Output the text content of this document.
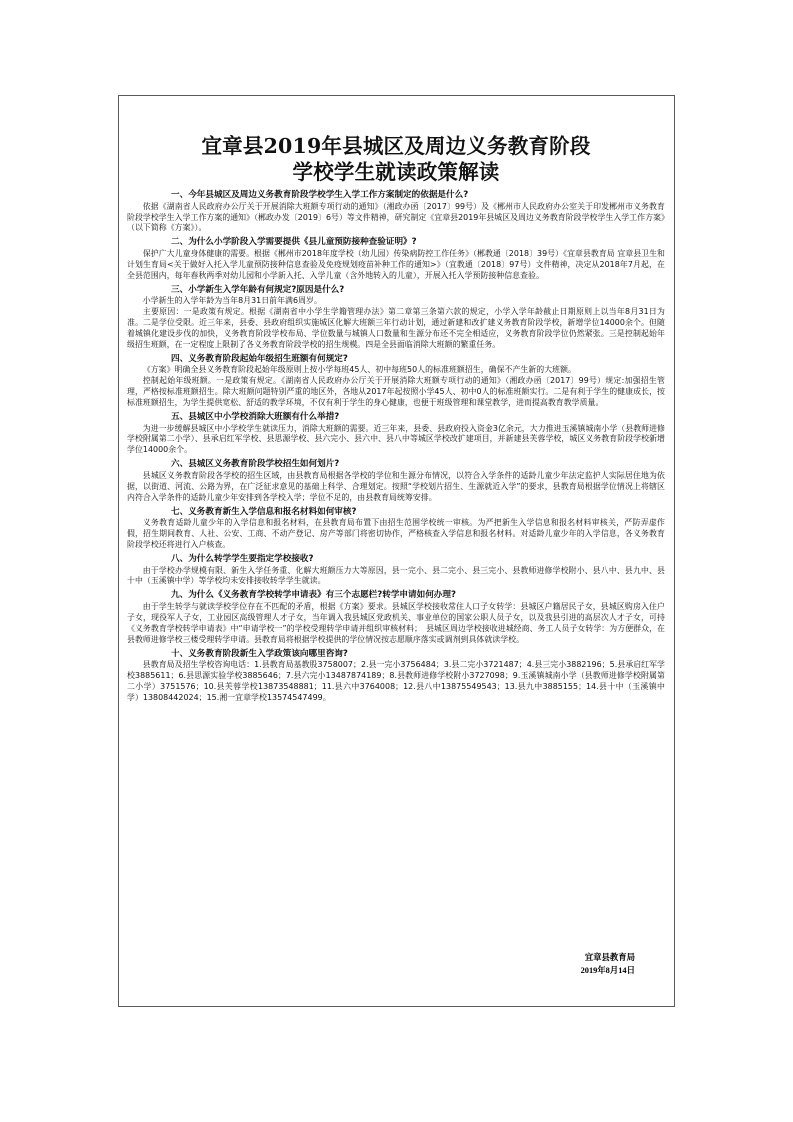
宜章县2019年县城区及周边义务教育阶段
学校学生就读政策解读
一、今年县城区及周边义务教育阶段学校学生入学工作方案制定的依据是什么?

依据《湖南省人民政府办公厅关于开展消除大班额专项行动的通知》（湘政办函〔2017〕99号）及《郴州市人民政府办公室关于印发郴州市义务教育阶段学校学生入学工作方案的通知》（郴政办发〔2019〕6号）等文件精神，研究制定《宜章县2019年县城区及周边义务教育阶段学校学生入学工作方案》（以下简称《方案》）。

二、为什么小学阶段入学需要提供《县儿童预防接种查验证明》?

保护广大儿童身体健康的需要。根据《郴州市2018年度学校（幼儿园）传染病防控工作任务》（郴教通〔2018〕39号）《宜章县教育局 宜章县卫生和计划生育局<关于做好入托入学儿童预防接种信息查验及免疫规划疫苗补种工作的通知>》（宜教通〔2018〕97号）文件精神，决定从2018年7月起，在全县范围内，每年春秋两季对幼儿园和小学新入托、入学儿童（含外地转入的儿童），开展入托入学预防接种信息查验。

三、小学新生入学年龄有何规定?原因是什么?

小学新生的入学年龄为当年8月31日前年满6周岁。

主要原因：一是政策有规定。根据《湖南省中小学生学籍管理办法》第二章第三条第六款的规定，小学入学年龄截止日期原则上以当年8月31日为准。二是学位受限。近三年来，县委、县政府组织实施城区化解大班额三年行动计划，通过新建和改扩建义务教育阶段学校，新增学位14000余个。但随着城镇化建设步伐的加快，义务教育阶段学校布局、学位数量与城镇人口数量和生源分布还不完全相适应，义务教育阶段学位仍然紧张。三是控制起始年级招生班额，在一定程度上限制了各义务教育阶段学校的招生规模。四是全县面临消除大班额的繁重任务。

四、义务教育阶段起始年级招生班额有何规定?

《方案》明确全县义务教育阶段起始年级原则上按小学每班45人、初中每班50人的标准班额招生，确保不产生新的大班额。

控制起始年级班额。一是政策有规定。《湖南省人民政府办公厅关于开展消除大班额专项行动的通知》（湘政办函〔2017〕99号）规定:加强招生管理，严格按标准班额招生。除大班额问题特别严重的地区外，各地从2017年起按照小学45人、初中0人的标准班额实行。二是有利于学生的健康成长，按标准班额招生，为学生提供宽松、舒适的教学环境，不仅有利于学生的身心健康，也便于班级管理和课堂教学，进而提高教育教学质量。

五、县城区中小学校消除大班额有什么举措?

为进一步缓解县城区中小学校学生就读压力，消除大班额的需要。近三年来，县委、县政府投入资金3亿余元，大力推进玉溪镇城南小学（县教师进修学校附属第二小学）、县承启红军学校、县思源学校、县六完小、县六中、县八中等城区学校改扩建项目，并新建县芙蓉学校，城区义务教育阶段学校新增学位14000余个。

六、县城区义务教育阶段学校招生如何划片?

县城区义务教育阶段各学校的招生区域，由县教育局根据各学校的学位和生源分布情况，以符合入学条件的适龄儿童少年法定监护人实际居住地为依据，以街道、河流、公路为界，在广泛征求意见的基础上科学、合理划定。按照“学校划片招生、生源就近入学”的要求，县教育局根据学位情况上将辖区内符合入学条件的适龄儿童少年安排到各学校入学；学位不足的，由县教育局统筹安排。

七、义务教育新生入学信息和报名材料如何审核?

义务教育适龄儿童少年的入学信息和报名材料，在县教育局布置下由招生范围学校统一审核。为严把新生入学信息和报名材料审核关，严防弄虚作假，招生期间教育、人社、公安、工商、不动产登记、房产等部门将密切协作，严格核查入学信息和报名材料。对适龄儿童少年的入学信息，各义务教育阶段学校还将进行入户核查。

八、为什么转学学生要指定学校接收?

由于学校办学规模有限、新生入学任务重、化解大班额压力大等原因，县一完小、县二完小、县三完小、县教师进修学校附小、县八中、县九中、县十中（玉溪镇中学）等学校均未安排接收转学学生就读。

九、为什么《义务教育学校转学申请表》有三个志愿栏?转学申请如何办理?

由于学生转学与就读学校学位存在不匹配的矛盾，根据《方案》要求。县城区学校接收常住人口子女转学：县城区户籍居民子女，县城区购房入住户子女，现役军人子女，工业园区高级管理人才子女，当年调入我县城区党政机关、事业单位的国家公职人员子女，以及我县引进的高层次人才子女，可持《义务教育学校转学申请表》中“申请学校一”的学校受理转学申请并组织审核材料；　县城区周边学校接收进城经商、务工人员子女转学：为方便群众，在县教师进修学校三楼受理转学申请。县教育局将根据学校提供的学位情况按志愿顺序落实或调剂到具体就读学校。

十、义务教育阶段新生入学政策该向哪里咨询?

县教育局及招生学校咨询电话：1.县教育局基教股3758007；2.县一完小3756484；3.县二完小3721487；4.县三完小3882196；5.县承启红军学校3885611；6.县思源实验学校3885646；7.县六完小13487874189；8.县教师进修学校附小3727098；9.玉溪镇城南小学（县教师进修学校附属第二小学）3751576；10.县芙蓉学校13873548881；11.县六中3764008；12.县八中13875549543；13.县九中3885155；14.县十中（玉溪镇中学）13808442024；15.湘一宜章学校13574547499。

宜章县教育局
2019年8月14日
